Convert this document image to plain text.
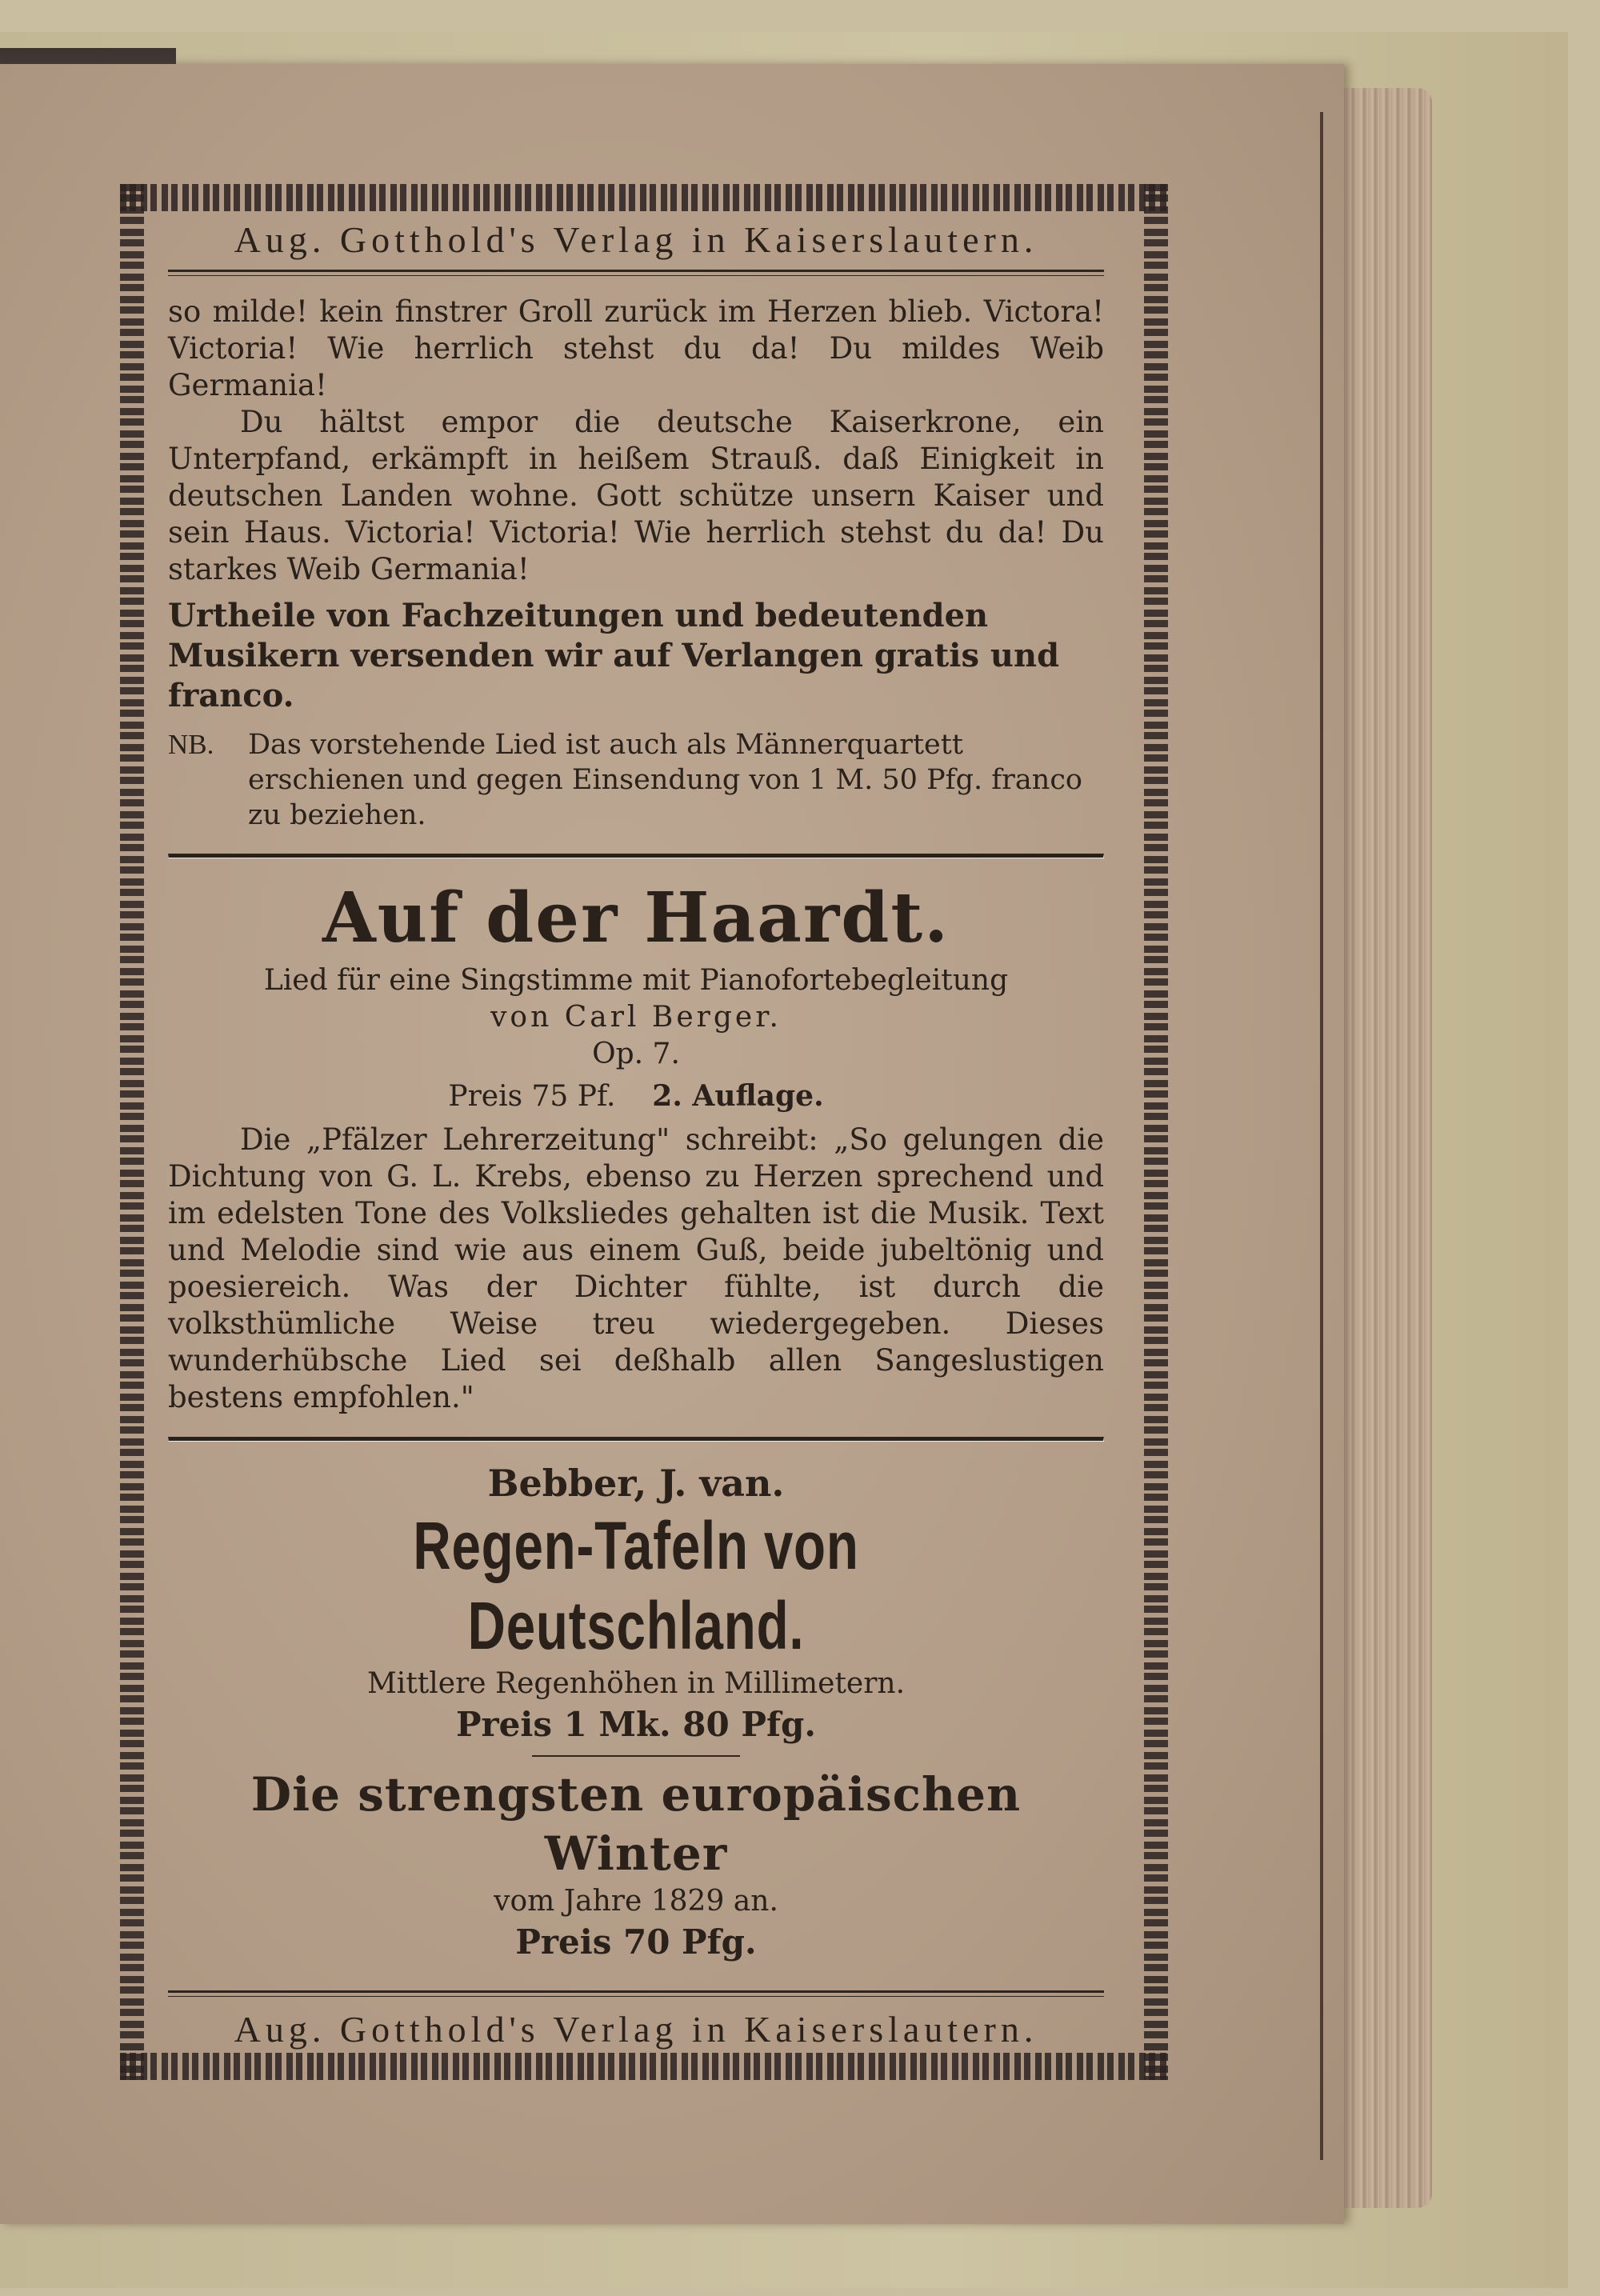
Aug. Gotthold's Verlag in Kaiserslautern.
so milde! kein finstrer Groll zurück im Herzen blieb. Victora! Victoria! Wie herrlich stehst du da! Du mildes Weib Germania!
Du hältst empor die deutsche Kaiserkrone, ein Unterpfand, erkämpft in heißem Strauß. daß Einigkeit in deutschen Landen wohne. Gott schütze unsern Kaiser und sein Haus. Victoria! Victoria! Wie herrlich stehst du da! Du starkes Weib Germania!
Urtheile von Fachzeitungen und bedeutenden Musikern versenden wir auf Verlangen gratis und franco.
NB.	Das vorstehende Lied ist auch als Männerquartett erschienen und gegen Einsendung von 1 M. 50 Pfg. franco zu beziehen.
Auf der Haardt.
Lied für eine Singstimme mit Pianofortebegleitung
von Carl Berger.
Op. 7.
Preis 75 Pf. 2. Auflage.
Die „Pfälzer Lehrerzeitung" schreibt: „So gelungen die Dichtung von G. L. Krebs, ebenso zu Herzen sprechend und im edelsten Tone des Volksliedes gehalten ist die Musik. Text und Melodie sind wie aus einem Guß, beide jubeltönig und poesiereich. Was der Dichter fühlte, ist durch die volksthümliche Weise treu wiedergegeben. Dieses wunderhübsche Lied sei deßhalb allen Sangeslustigen bestens empfohlen."
Bebber, J. van.
Regen-Tafeln von Deutschland.
Mittlere Regenhöhen in Millimetern.
Preis 1 Mk. 80 Pfg.
Die strengsten europäischen Winter
vom Jahre 1829 an.
Preis 70 Pfg.
Aug. Gotthold's Verlag in Kaiserslautern.
